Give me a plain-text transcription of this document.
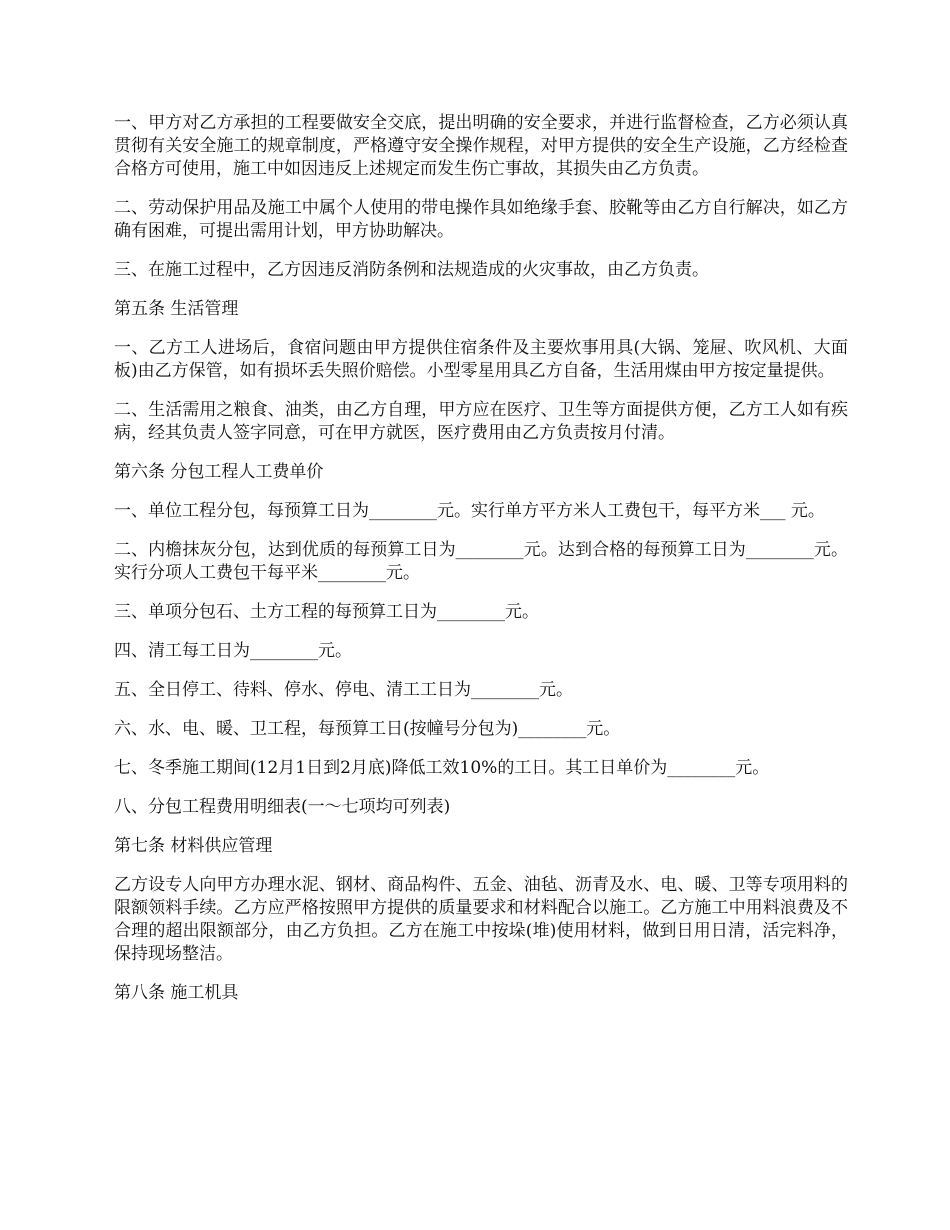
一、甲方对乙方承担的工程要做安全交底，提出明确的安全要求，并进行监督检查，乙方必须认真贯彻有关安全施工的规章制度，严格遵守安全操作规程，对甲方提供的安全生产设施，乙方经检查合格方可使用，施工中如因违反上述规定而发生伤亡事故，其损失由乙方负责。

二、劳动保护用品及施工中属个人使用的带电操作具如绝缘手套、胶靴等由乙方自行解决，如乙方确有困难，可提出需用计划，甲方协助解决。

三、在施工过程中，乙方因违反消防条例和法规造成的火灾事故，由乙方负责。

第五条 生活管理

一、乙方工人进场后，食宿问题由甲方提供住宿条件及主要炊事用具(大锅、笼屉、吹风机、大面板)由乙方保管，如有损坏丢失照价赔偿。小型零星用具乙方自备，生活用煤由甲方按定量提供。

二、生活需用之粮食、油类，由乙方自理，甲方应在医疗、卫生等方面提供方便，乙方工人如有疾病，经其负责人签字同意，可在甲方就医，医疗费用由乙方负责按月付清。

第六条 分包工程人工费单价

一、单位工程分包，每预算工日为________元。实行单方平方米人工费包干，每平方米___ 元。

二、内檐抹灰分包，达到优质的每预算工日为________元。达到合格的每预算工日为________元。实行分项人工费包干每平米________元。

三、单项分包石、土方工程的每预算工日为________元。

四、清工每工日为________元。

五、全日停工、待料、停水、停电、清工工日为________元。

六、水、电、暖、卫工程，每预算工日(按幢号分包为)________元。

七、冬季施工期间(12月1日到2月底)降低工效10%的工日。其工日单价为________元。

八、分包工程费用明细表(一～七项均可列表)

第七条 材料供应管理

乙方设专人向甲方办理水泥、钢材、商品构件、五金、油毡、沥青及水、电、暖、卫等专项用料的限额领料手续。乙方应严格按照甲方提供的质量要求和材料配合以施工。乙方施工中用料浪费及不合理的超出限额部分，由乙方负担。乙方在施工中按垛(堆)使用材料，做到日用日清，活完料净，保持现场整洁。

第八条 施工机具
